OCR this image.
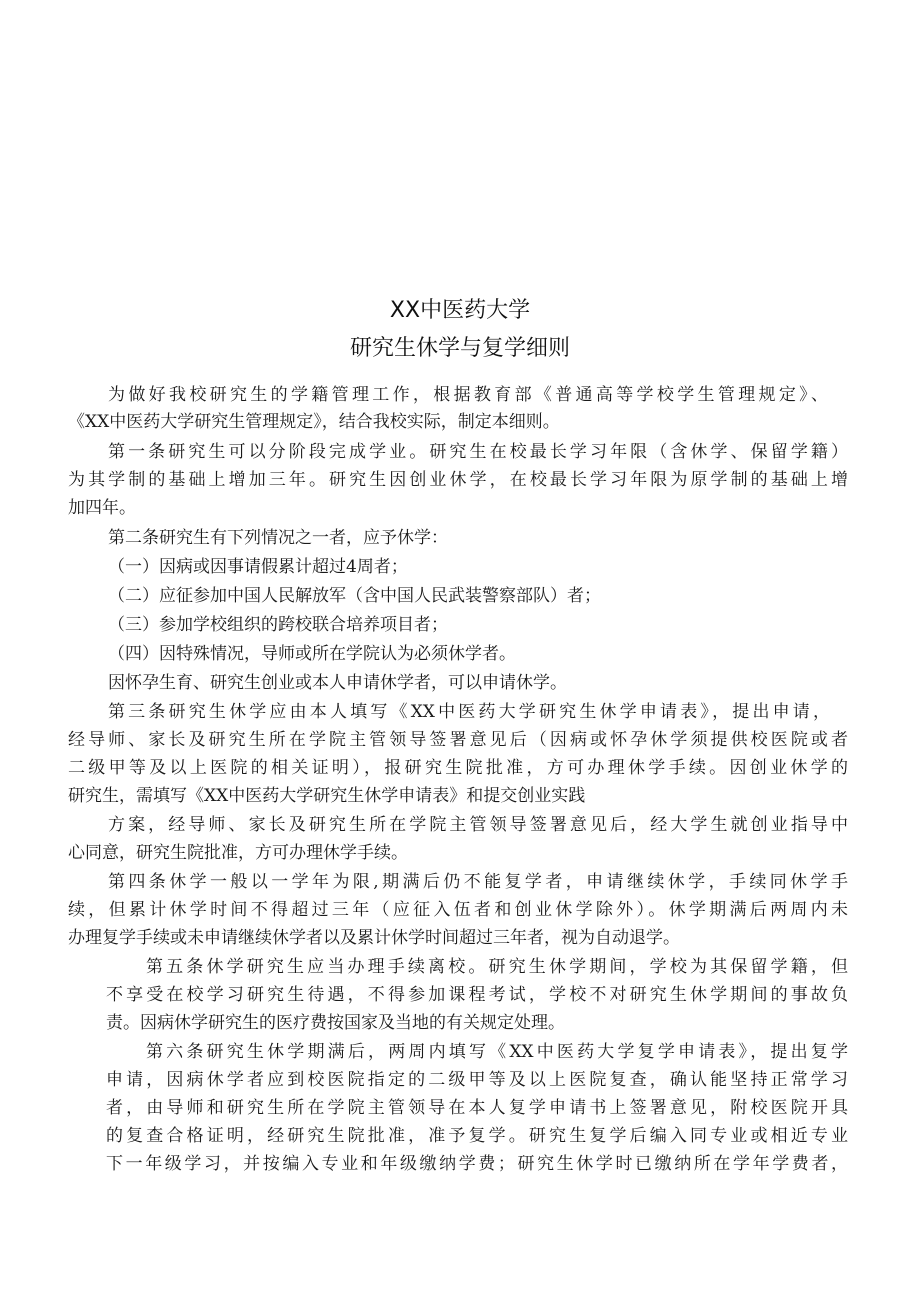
XX中医药大学
研究生休学与复学细则
为做好我校研究生的学籍管理工作，根据教育部《普通高等学校学生管理规定》、
《XX中医药大学研究生管理规定》，结合我校实际，制定本细则。
第一条研究生可以分阶段完成学业。研究生在校最长学习年限（含休学、保留学籍）
为其学制的基础上增加三年。研究生因创业休学，在校最长学习年限为原学制的基础上增
加四年。
第二条研究生有下列情况之一者，应予休学：
（一）因病或因事请假累计超过4周者；
（二）应征参加中国人民解放军（含中国人民武装警察部队）者；
（三）参加学校组织的跨校联合培养项目者；
（四）因特殊情况，导师或所在学院认为必须休学者。
因怀孕生育、研究生创业或本人申请休学者，可以申请休学。
第三条研究生休学应由本人填写《XX中医药大学研究生休学申请表》，提出申请，
经导师、家长及研究生所在学院主管领导签署意见后（因病或怀孕休学须提供校医院或者
二级甲等及以上医院的相关证明），报研究生院批准，方可办理休学手续。因创业休学的
研究生，需填写《XX中医药大学研究生休学申请表》和提交创业实践
方案，经导师、家长及研究生所在学院主管领导签署意见后，经大学生就创业指导中
心同意，研究生院批准，方可办理休学手续。
第四条休学一般以一学年为限,期满后仍不能复学者，申请继续休学，手续同休学手
续，但累计休学时间不得超过三年（应征入伍者和创业休学除外）。休学期满后两周内未
办理复学手续或未申请继续休学者以及累计休学时间超过三年者，视为自动退学。
第五条休学研究生应当办理手续离校。研究生休学期间，学校为其保留学籍，但
不享受在校学习研究生待遇，不得参加课程考试，学校不对研究生休学期间的事故负
责。因病休学研究生的医疗费按国家及当地的有关规定处理。
第六条研究生休学期满后，两周内填写《XX中医药大学复学申请表》，提出复学
申请，因病休学者应到校医院指定的二级甲等及以上医院复查，确认能坚持正常学习
者，由导师和研究生所在学院主管领导在本人复学申请书上签署意见，附校医院开具
的复查合格证明，经研究生院批准，准予复学。研究生复学后编入同专业或相近专业
下一年级学习，并按编入专业和年级缴纳学费；研究生休学时已缴纳所在学年学费者，
